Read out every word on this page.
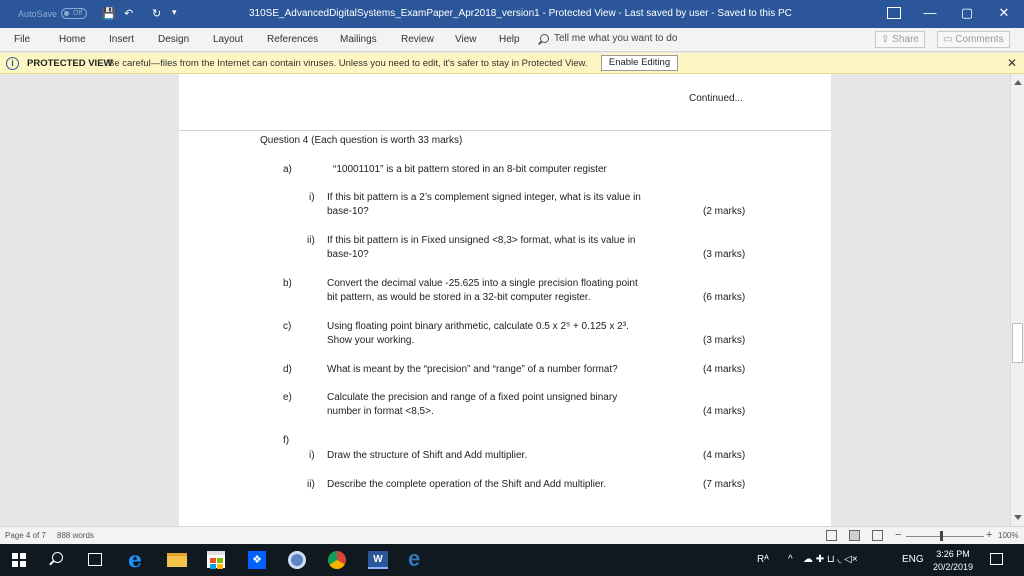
AutoSave	Off	💾 ↶ ↻ ▾	310SE_AdvancedDigitalSystems_ExamPaper_Apr2018_version1 - Protected View - Last saved by user - Saved to this PC	— ▢	✕
File	Home Insert Design Layout References Mailings Review View Help	Tell me what you want to do	⇪ Share	▭ Comments
i	PROTECTED VIEW
Be careful—files from the Internet can contain viruses. Unless you need to edit, it's safer to stay in Protected View.	Enable Editing	✕
Continued...
Question 4 (Each question is worth 33 marks)
a)	“10001101” is a bit pattern stored in an 8-bit computer register
i) If this bit pattern is a 2’s complement signed integer, what is its value in
base-10?	(2 marks)
ii) If this bit pattern is in Fixed unsigned <8,3> format, what is its value in
base-10?	(3 marks)
b)	Convert the decimal value -25.625 into a single precision floating point
bit pattern, as would be stored in a 32-bit computer register.	(6 marks)
c)	Using floating point binary arithmetic, calculate 0.5 x 2⁵ + 0.125 x 2³.
Show your working.	(3 marks)
d)	What is meant by the “precision” and “range” of a number format?	(4 marks)
e)	Calculate the precision and range of a fixed point unsigned binary
number in format <8,5>.	(4 marks)
f)
i) Draw the structure of Shift and Add multiplier.	(4 marks)
ii) Describe the complete operation of the Shift and Add multiplier.	(7 marks)
Page 4 of 7 888 words	−	+ 100%
e	❖	W e	Rᴬ ^ ☁ ✚ ⊔ ◟ ◁×	ENG	3:26 PM
20/2/2019
